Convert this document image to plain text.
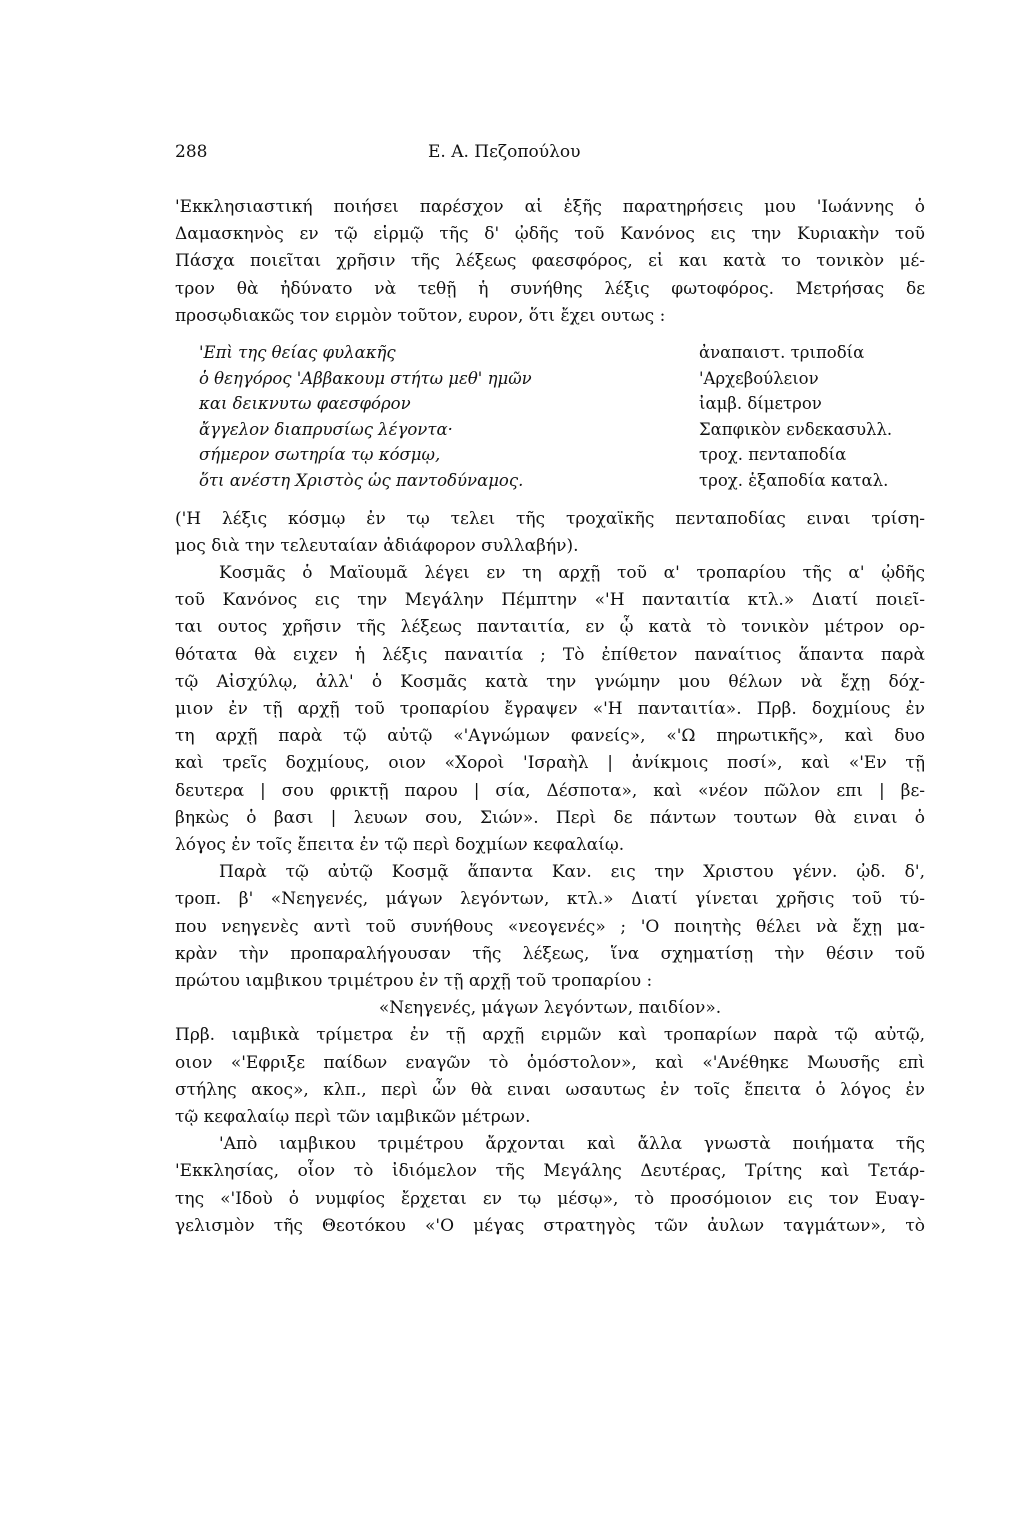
288	Ε. Α. Πεζοπούλου
'Εκκλησιαστική ποιήσει παρέσχον αἱ ἑξῆς παρατηρήσεις μου 'Ιωάννης ὁ
Δαμασκηνὸς εν τῷ εἱρμῷ τῆς δ' ᾠδῆς τοῦ Κανόνος εις την Κυριακὴν τοῦ
Πάσχα ποιεῖται χρῆσιν τῆς λέξεως φαεσφόρος, εἰ και κατὰ το τονικὸν μέ-
τρον θὰ ἠδύνατο νὰ τεθῇ ἡ συνήθης λέξις φωτοφόρος. Μετρήσας δε
προσῳδιακῶς τον ειρμὸν τοῦτον, ευρον, ὅτι ἔχει ουτως :
'Επὶ της θείας φυλακῆς
ὁ θεηγόρος 'Αββακουμ στήτω μεθ' ημῶν
και δεικνυτω φαεσφόρον
ἄγγελον διαπρυσίως λέγοντα·
σήμερον σωτηρία τῳ κόσμῳ,
ὅτι ανέστη Χριστὸς ὡς παντοδύναμος.
ἀναπαιστ. τριποδία
'Αρχεβούλειον
ἰαμβ. δίμετρον
Σαπφικὸν ενδεκασυλλ.
τροχ. πενταποδία
τροχ. ἑξαποδία καταλ.
('Η λέξις κόσμῳ ἐν τῳ τελει τῆς τροχαϊκῆς πενταποδίας ειναι τρίση-
μος διὰ την τελευταίαν ἀδιάφορον συλλαβήν).
Κοσμᾶς ὁ Μαϊουμᾶ λέγει εν τη αρχῇ τοῦ α' τροπαρίου τῆς α' ᾠδῆς
τοῦ Κανόνος εις την Μεγάλην Πέμπτην «'Η πανταιτία κτλ.» Διατί ποιεῖ-
ται ουτος χρῆσιν τῆς λέξεως πανταιτία, εν ᾧ κατὰ τὸ τονικὸν μέτρον ορ-
θότατα θὰ ειχεν ἡ λέξις παναιτία ; Τὸ ἐπίθετον παναίτιος ἅπαντα παρὰ
τῷ Αἰσχύλῳ, ἀλλ' ὁ Κοσμᾶς κατὰ την γνώμην μου θέλων νὰ ἔχῃ δόχ-
μιον ἐν τῇ αρχῇ τοῦ τροπαρίου ἔγραψεν «'Η πανταιτία». Πρβ. δοχμίους ἐν
τη αρχῇ παρὰ τῷ αὐτῷ «'Αγνώμων φανείς», «'Ω πηρωτικῆς», καὶ δυο
καὶ τρεῖς δοχμίους, οιον «Χοροὶ 'Ισραὴλ | ἀνίκμοις ποσί», καὶ «'Εν τῇ
δευτερα | σου φρικτῇ παρου | σία, Δέσποτα», καὶ «νέον πῶλον επι | βε-
βηκὼς ὁ βασι | λευων σου, Σιών». Περὶ δε πάντων τουτων θὰ ειναι ὁ
λόγος ἐν τοῖς ἔπειτα ἐν τῷ περὶ δοχμίων κεφαλαίῳ.
Παρὰ τῷ αὐτῷ Κοσμᾷ ἅπαντα Καν. εις την Χριστου γένν. ᾠδ. δ',
τροπ. β' «Νεηγενές, μάγων λεγόντων, κτλ.» Διατί γίνεται χρῆσις τοῦ τύ-
που νεηγενὲς αντὶ τοῦ συνήθους «νεογενές» ; 'Ο ποιητὴς θέλει νὰ ἔχῃ μα-
κρὰν τὴν προπαραλήγουσαν τῆς λέξεως, ἵνα σχηματίσῃ τὴν θέσιν τοῦ
πρώτου ιαμβικου τριμέτρου ἐν τῇ αρχῇ τοῦ τροπαρίου :
«Νεηγενές, μάγων λεγόντων, παιδίον».
Πρβ. ιαμβικὰ τρίμετρα ἐν τῇ αρχῇ ειρμῶν καὶ τροπαρίων παρὰ τῷ αὐτῷ,
οιον «'Εφριξε παίδων εναγῶν τὸ ὁμόστολον», καὶ «'Ανέθηκε Μωυσῆς επὶ
στήλης ακος», κλπ., περὶ ὧν θὰ ειναι ωσαυτως ἐν τοῖς ἔπειτα ὁ λόγος ἐν
τῷ κεφαλαίῳ περὶ τῶν ιαμβικῶν μέτρων.
'Απὸ ιαμβικου τριμέτρου ἄρχονται καὶ ἄλλα γνωστὰ ποιήματα τῆς
'Εκκλησίας, οἷον τὸ ἰδιόμελον τῆς Μεγάλης Δευτέρας, Τρίτης καὶ Τετάρ-
της «'Ιδοὺ ὁ νυμφίος ἔρχεται εν τῳ μέσῳ», τὸ προσόμοιον εις τον Ευαγ-
γελισμὸν τῆς Θεοτόκου «'Ο μέγας στρατηγὸς τῶν ἀυλων ταγμάτων», τὸ
